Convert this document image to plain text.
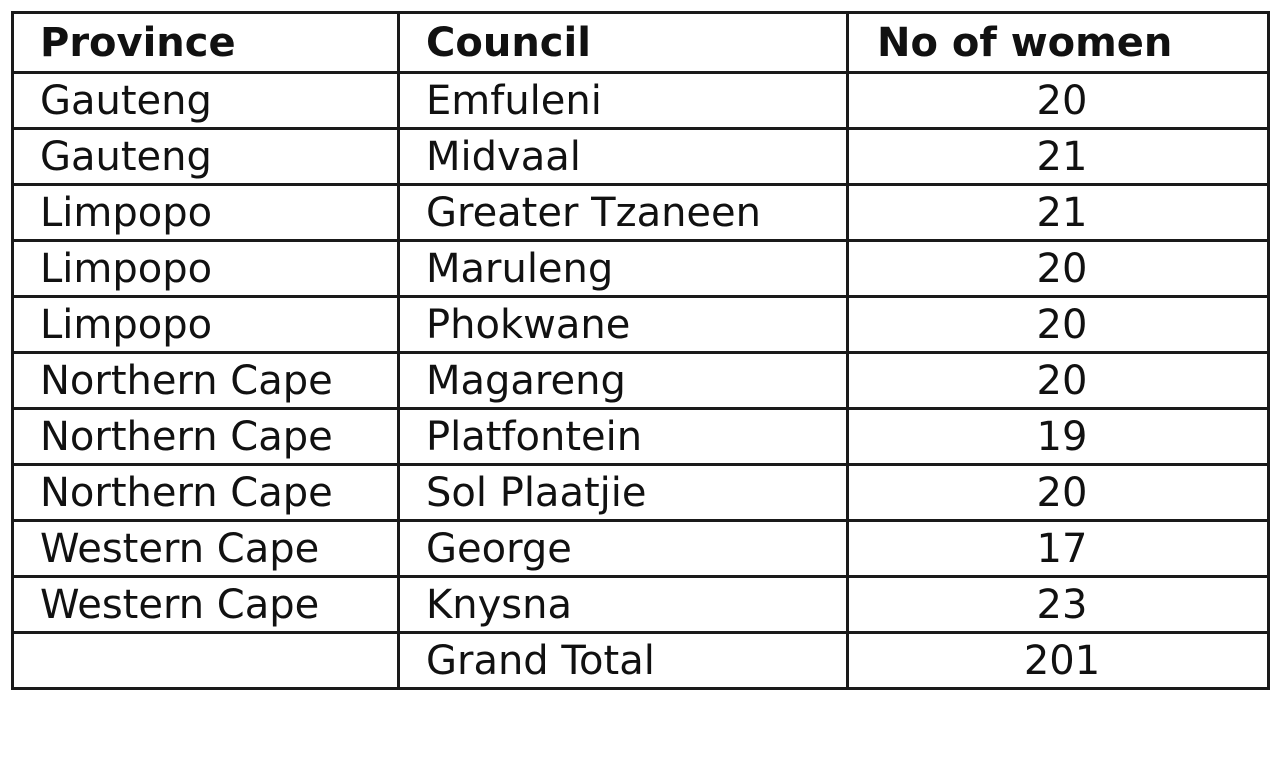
Province	Council	No of women
Gauteng	Emfuleni	20
Gauteng	Midvaal	21
Limpopo	Greater Tzaneen	21
Limpopo	Maruleng	20
Limpopo	Phokwane	20
Northern Cape	Magareng	20
Northern Cape	Platfontein	19
Northern Cape	Sol Plaatjie	20
Western Cape	George	17
Western Cape	Knysna	23
	Grand Total	201
